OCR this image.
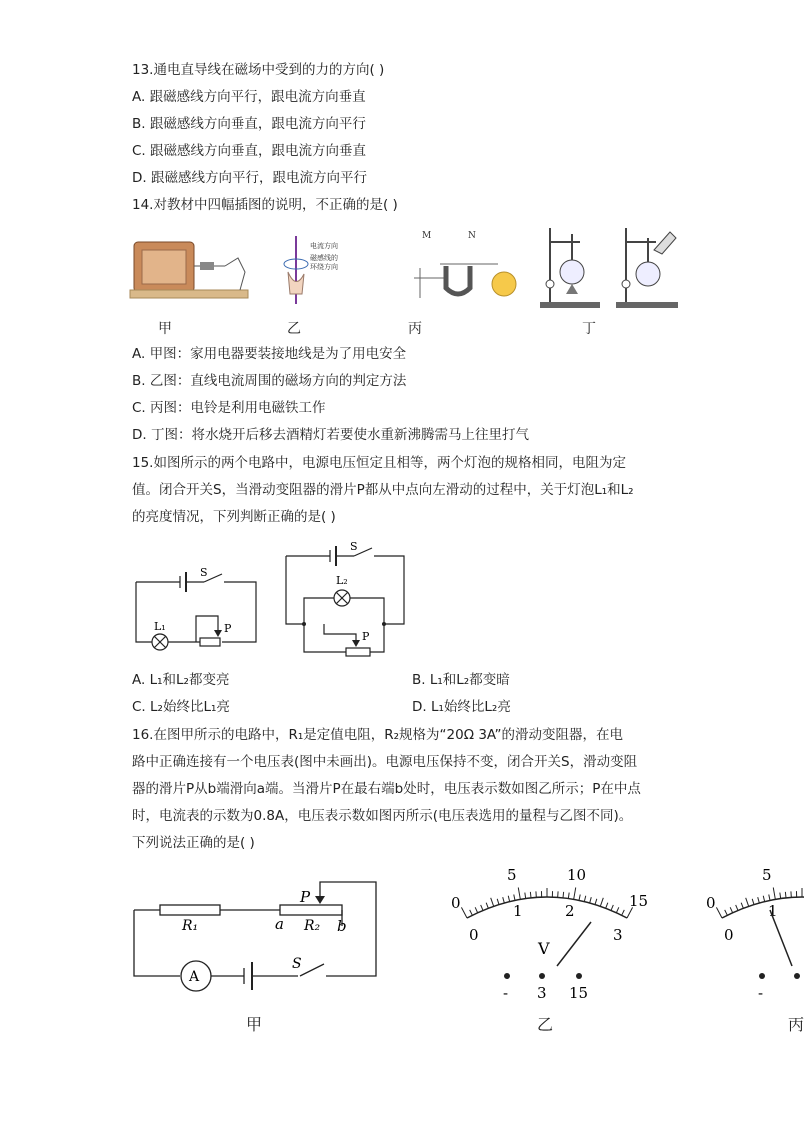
13.通电直导线在磁场中受到的力的方向( )
A. 跟磁感线方向平行，跟电流方向垂直
B. 跟磁感线方向垂直，跟电流方向平行
C. 跟磁感线方向垂直，跟电流方向垂直
D. 跟磁感线方向平行，跟电流方向平行
14.对教材中四幅插图的说明，不正确的是( )
甲
电流方向
磁感线的
环绕方向
乙
M	N
丙	丁
A. 甲图：家用电器要装接地线是为了用电安全
B. 乙图：直线电流周围的磁场方向的判定方法
C. 丙图：电铃是利用电磁铁工作
D. 丁图：将水烧开后移去酒精灯若要使水重新沸腾需马上往里打气
15.如图所示的两个电路中，电源电压恒定且相等，两个灯泡的规格相同，电阻为定
值。闭合开关S，当滑动变阻器的滑片P都从中点向左滑动的过程中，关于灯泡L₁和L₂
的亮度情况，下列判断正确的是( )
S
L₁	P
S
L₂
P
A. L₁和L₂都变亮	B. L₁和L₂都变暗
C. L₂始终比L₁亮	D. L₁始终比L₂亮
16.在图甲所示的电路中，R₁是定值电阻，R₂规格为“20Ω 3A”的滑动变阻器，在电
路中正确连接有一个电压表(图中未画出)。电源电压保持不变，闭合开关S，滑动变阻
器的滑片P从b端滑向a端。当滑片P在最右端b处时，电压表示数如图乙所示；P在中点
时，电流表的示数为0.8A，电压表示数如图丙所示(电压表选用的量程与乙图不同)。
下列说法正确的是( )
P
R₁	a R₂ b
A
S
甲
0
5	10
15
0
1	2
3
V
- 3 15
乙
0
5
0
1
-
丙
